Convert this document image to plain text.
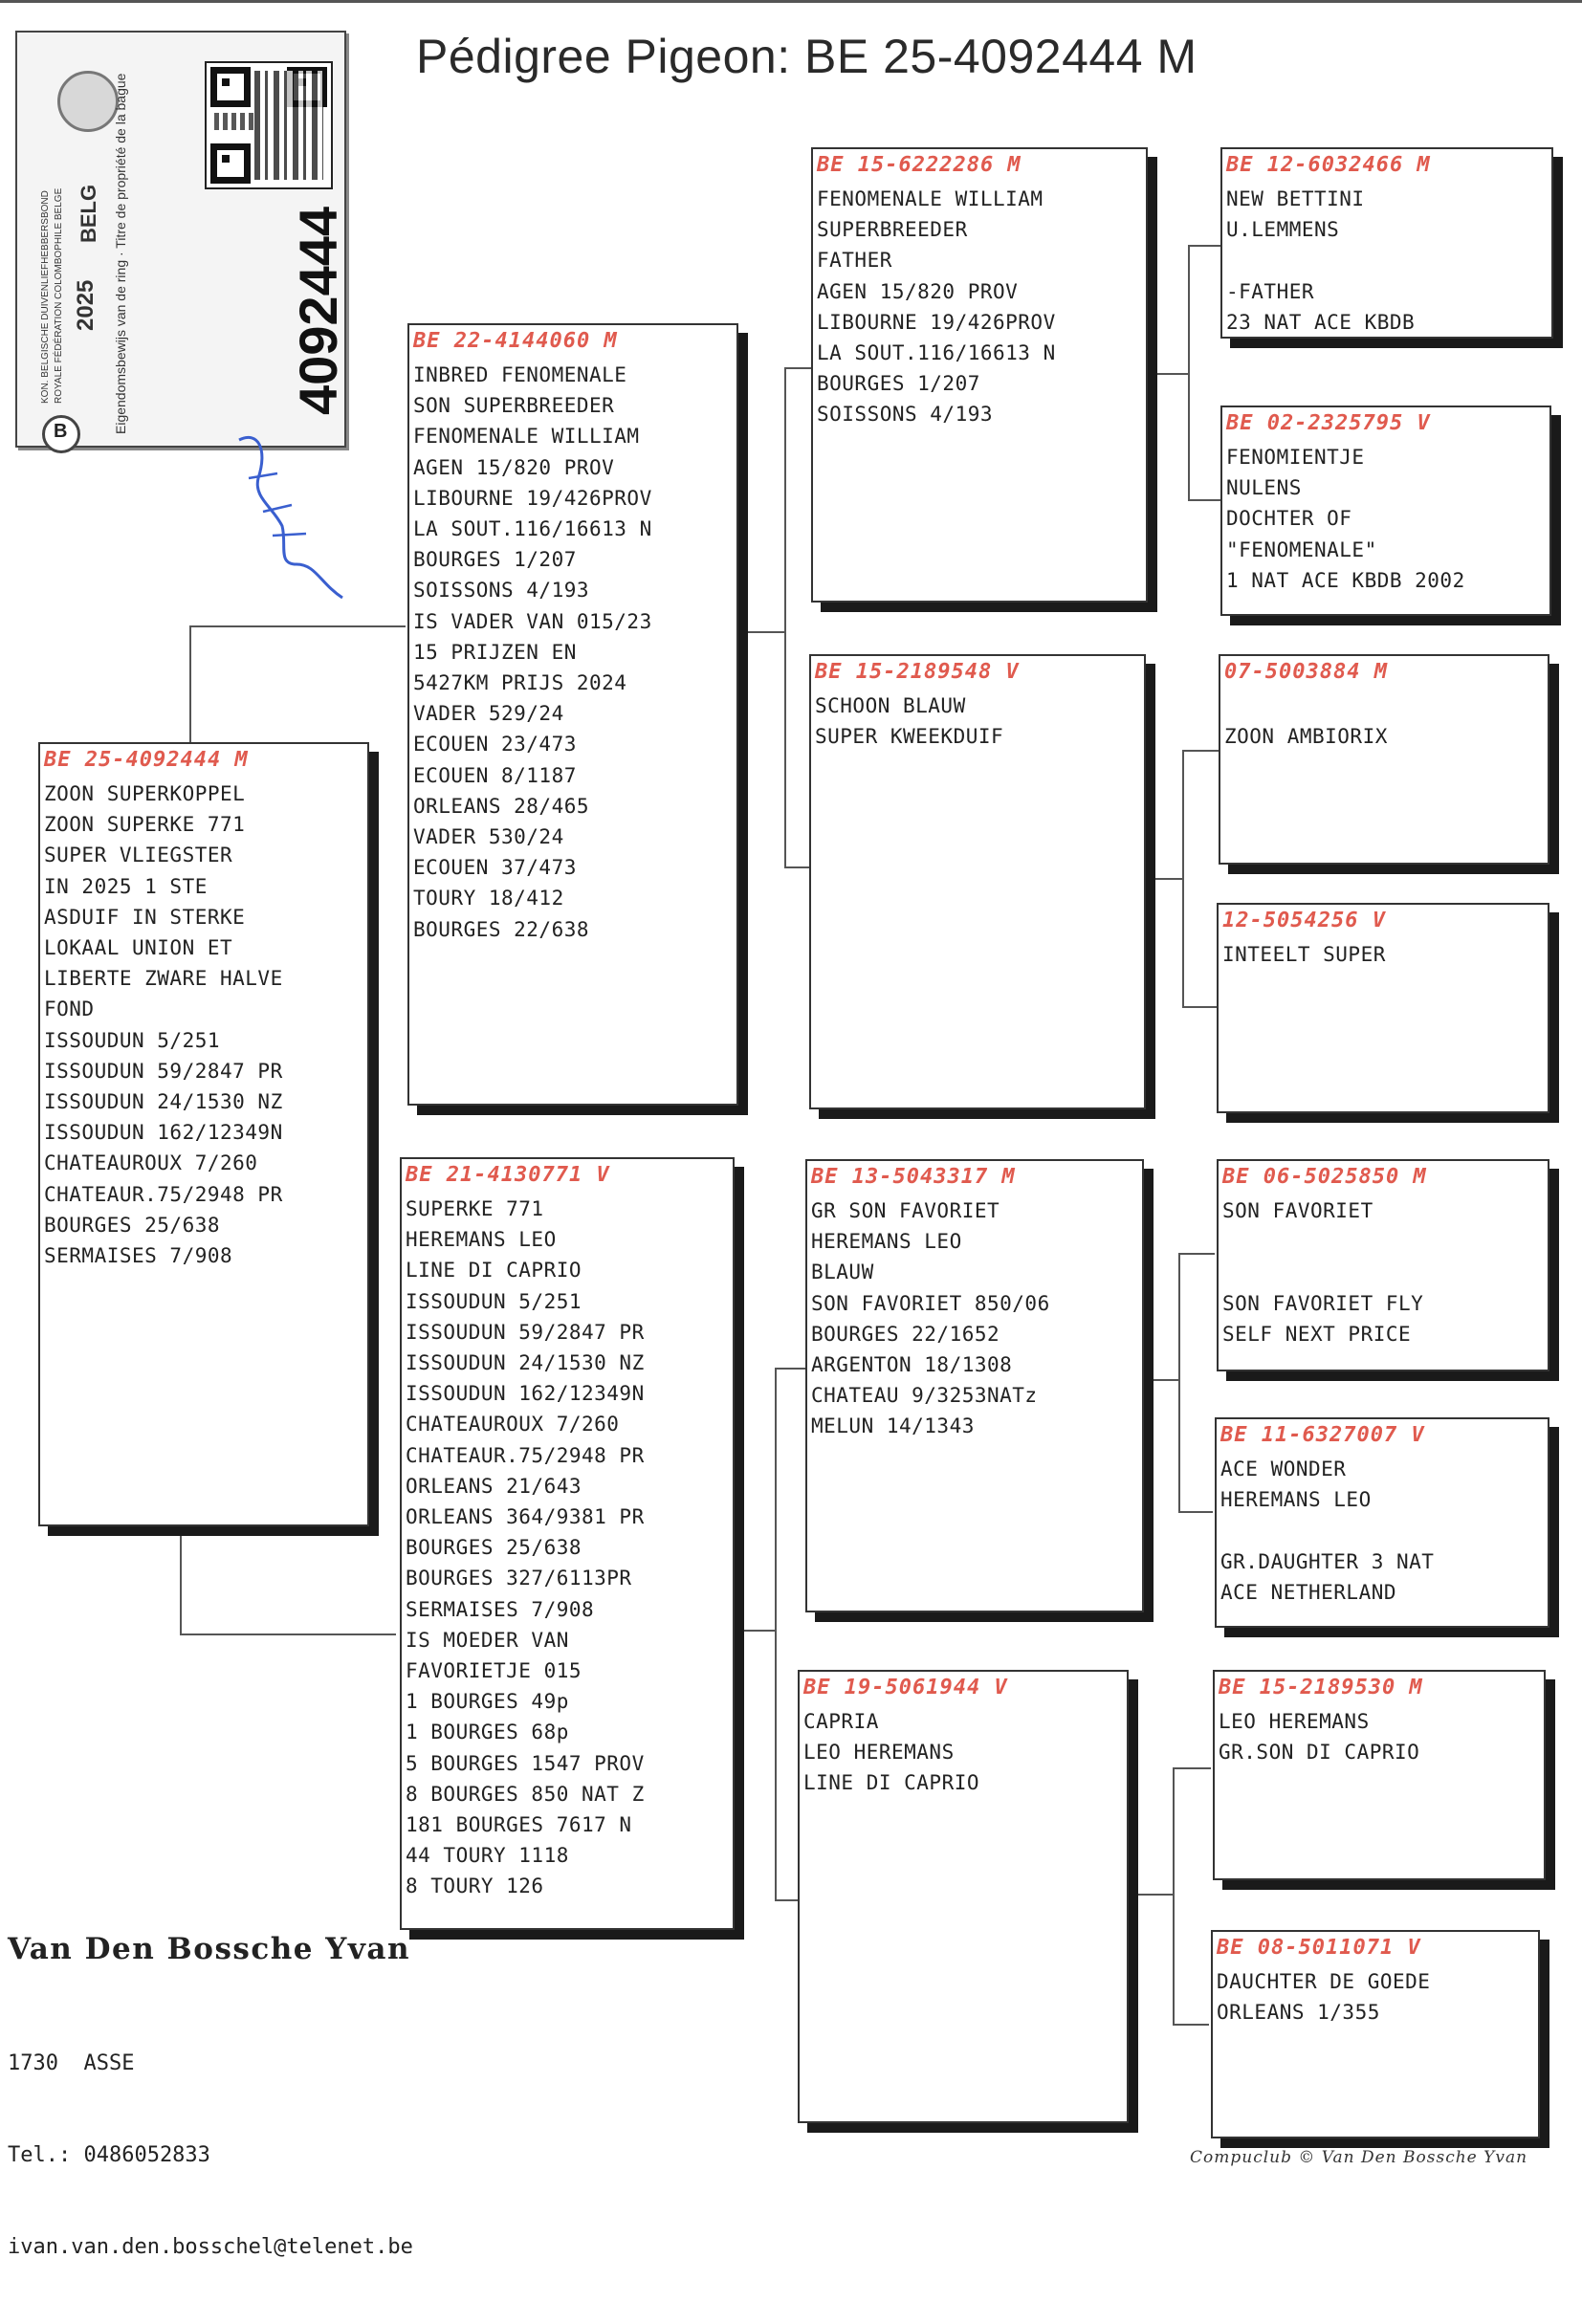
Pédigree Pigeon: BE 25-4092444 M
KON. BELGISCHE DUIVENLIEFHEBBERSBOND ROYALE FÉDÉRATION COLOMBOPHILE BELGE 2025
BELG Eigendomsbewijs van de ring · Titre de propriété de la bague
B
4092444
BE 25-4092444 M
ZOON SUPERKOPPEL
ZOON SUPERKE 771
SUPER VLIEGSTER
IN 2025 1 STE
ASDUIF IN STERKE
LOKAAL UNION ET
LIBERTE ZWARE HALVE
FOND
ISSOUDUN 5/251
ISSOUDUN 59/2847 PR
ISSOUDUN 24/1530 NZ
ISSOUDUN 162/12349N
CHATEAUROUX 7/260
CHATEAUR.75/2948 PR
BOURGES 25/638
SERMAISES 7/908
BE 22-4144060 M
INBRED FENOMENALE
SON SUPERBREEDER
FENOMENALE WILLIAM
AGEN 15/820 PROV
LIBOURNE 19/426PROV
LA SOUT.116/16613 N
BOURGES 1/207
SOISSONS 4/193
IS VADER VAN 015/23
15 PRIJZEN EN
5427KM PRIJS 2024
VADER 529/24
ECOUEN 23/473
ECOUEN 8/1187
ORLEANS 28/465
VADER 530/24
ECOUEN 37/473
TOURY 18/412
BOURGES 22/638
BE 21-4130771 V
SUPERKE 771
HEREMANS LEO
LINE DI CAPRIO
ISSOUDUN 5/251
ISSOUDUN 59/2847 PR
ISSOUDUN 24/1530 NZ
ISSOUDUN 162/12349N
CHATEAUROUX 7/260
CHATEAUR.75/2948 PR
ORLEANS 21/643
ORLEANS 364/9381 PR
BOURGES 25/638
BOURGES 327/6113PR
SERMAISES 7/908
IS MOEDER VAN
FAVORIETJE 015
1 BOURGES 49p
1 BOURGES 68p
5 BOURGES 1547 PROV
8 BOURGES 850 NAT Z
181 BOURGES 7617 N
44 TOURY 1118
8 TOURY 126
BE 15-6222286 M
FENOMENALE WILLIAM
SUPERBREEDER
FATHER
AGEN 15/820 PROV
LIBOURNE 19/426PROV
LA SOUT.116/16613 N
BOURGES 1/207
SOISSONS 4/193
BE 15-2189548 V
SCHOON BLAUW
SUPER KWEEKDUIF
BE 13-5043317 M
GR SON FAVORIET
HEREMANS LEO
BLAUW
SON FAVORIET 850/06
BOURGES 22/1652
ARGENTON 18/1308
CHATEAU 9/3253NATz
MELUN 14/1343
BE 19-5061944 V
CAPRIA
LEO HEREMANS
LINE DI CAPRIO
BE 12-6032466 M
NEW BETTINI
U.LEMMENS

-FATHER
23 NAT ACE KBDB
BE 02-2325795 V
FENOMIENTJE
NULENS
DOCHTER OF
"FENOMENALE"
1 NAT ACE KBDB 2002
07-5003884 M

ZOON AMBIORIX
12-5054256 V
INTEELT SUPER
BE 06-5025850 M
SON FAVORIET

SON FAVORIET FLY
SELF NEXT PRICE
BE 11-6327007 V
ACE WONDER
HEREMANS LEO

GR.DAUGHTER 3 NAT
ACE NETHERLAND
BE 15-2189530 M
LEO HEREMANS
GR.SON DI CAPRIO
BE 08-5011071 V
DAUCHTER DE GOEDE
ORLEANS 1/355
Van Den Bossche Yvan

1730  ASSE

Tel.: 0486052833

ivan.van.den.bosschel@telenet.be

Compuclub © Van Den Bossche Yvan
